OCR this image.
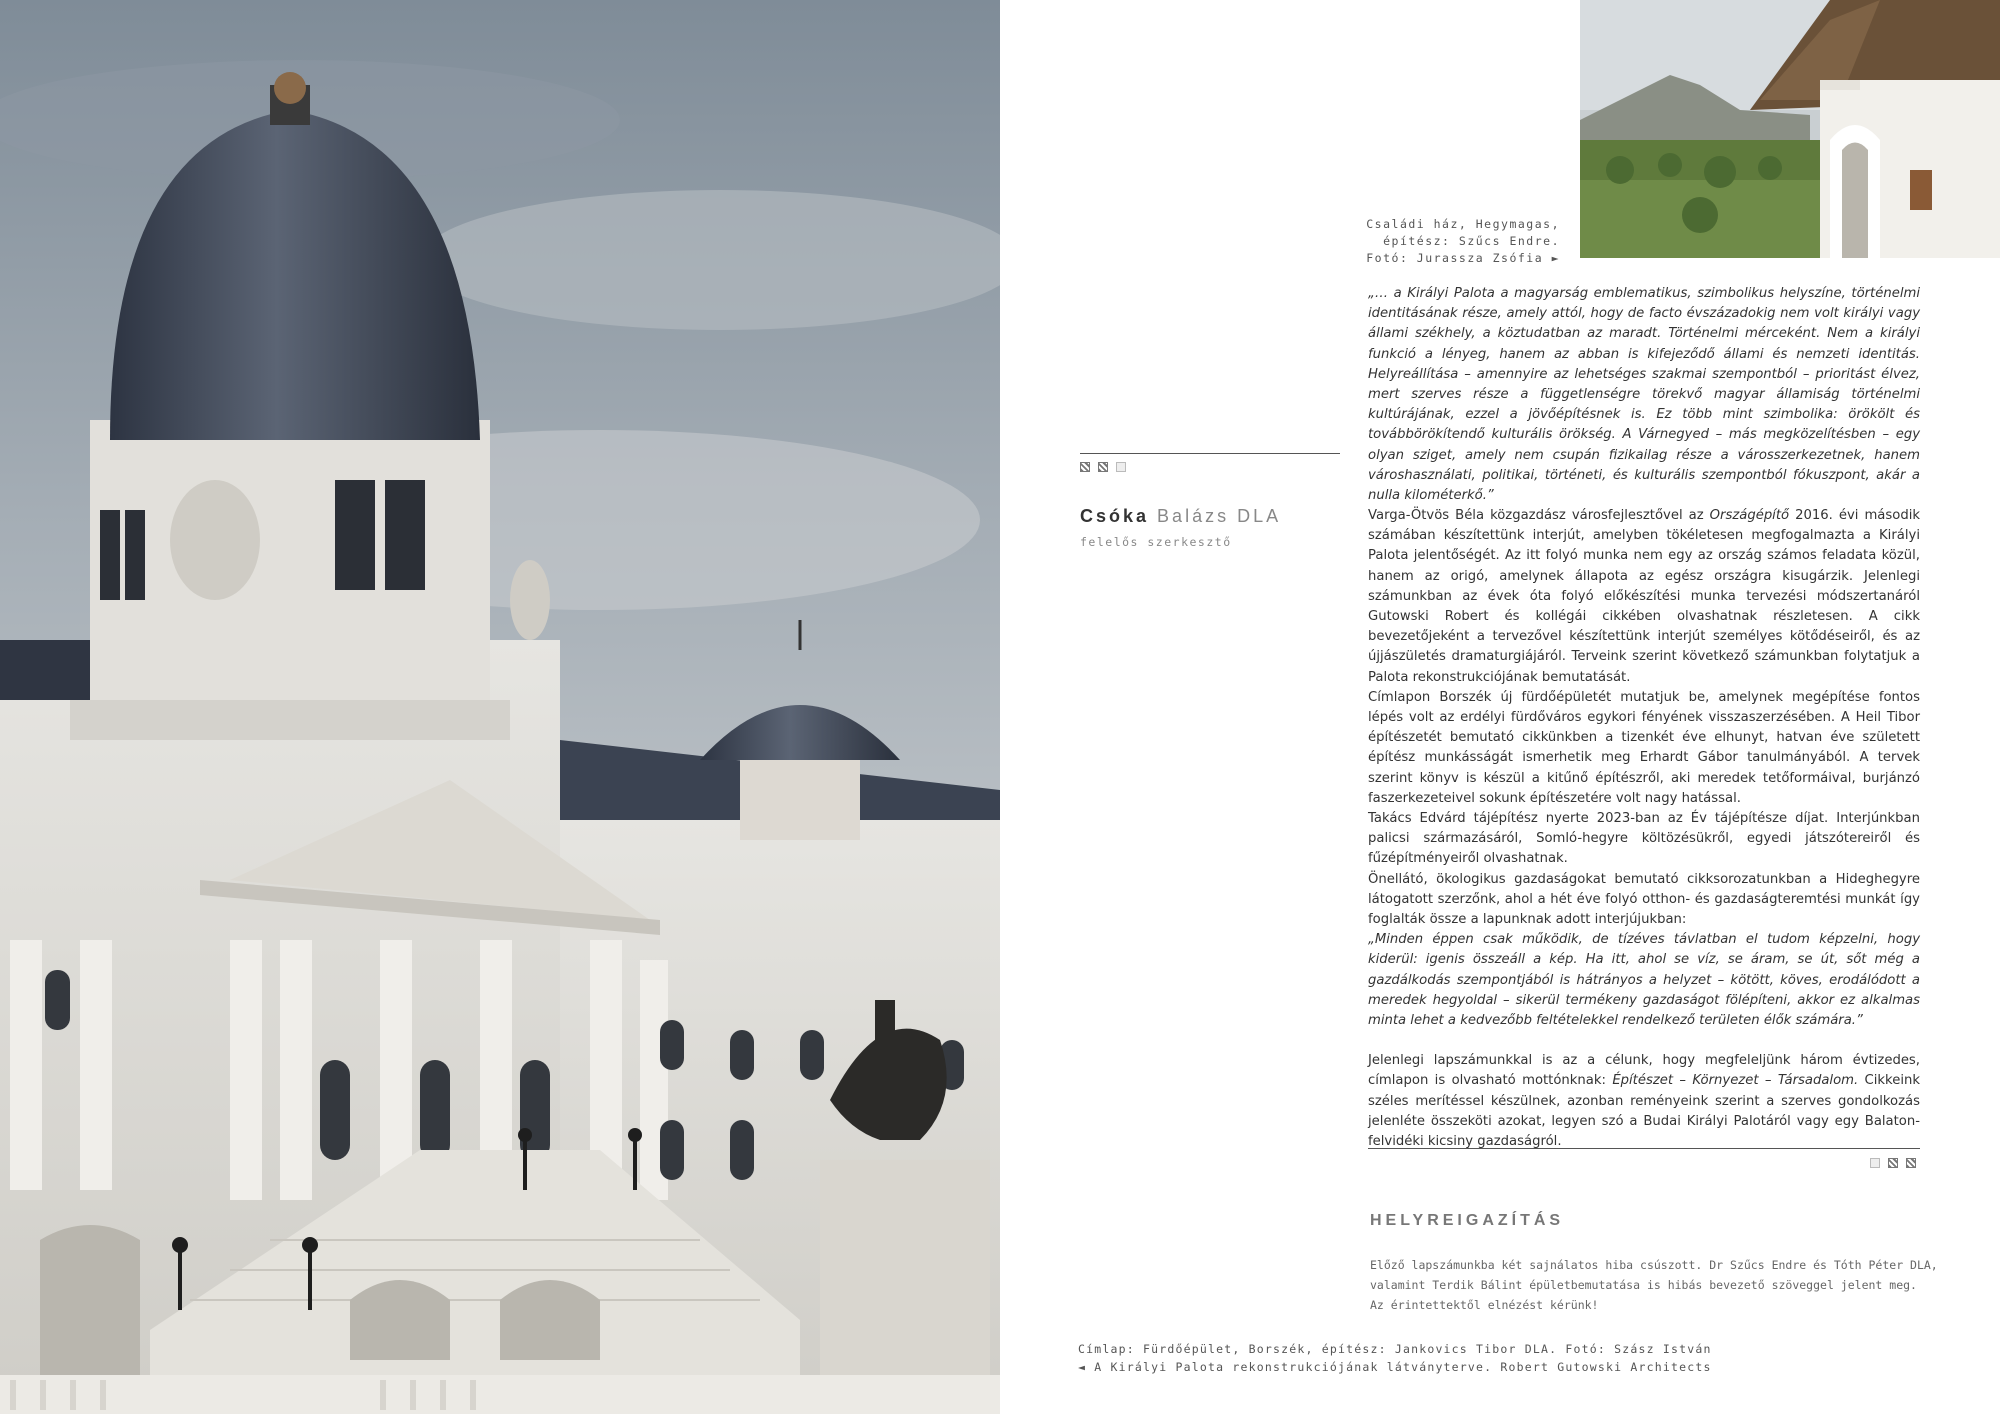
Családi ház, Hegymagas,
építész: Szűcs Endre.
Fotó: Jurassza Zsófia ►
Csóka Balázs DLA
felelős szerkesztő
„… a Királyi Palota a magyarság emblematikus, szimbolikus helyszíne, történelmi identitásának része, amely attól, hogy de facto évszázadokig nem volt királyi vagy állami székhely, a köztudatban az maradt. Történelmi mérceként. Nem a királyi funkció a lényeg, hanem az abban is kifejeződő állami és nemzeti identitás. Helyreállítása – amennyire az lehetséges szakmai szempontból – prioritást élvez, mert szerves része a függetlenségre törekvő magyar államiság történelmi kultúrájának, ezzel a jövőépítésnek is. Ez több mint szimbolika: örökölt és továbbörökítendő kulturális örökség. A Várnegyed – más megközelítésben – egy olyan sziget, amely nem csupán fizikailag része a városszerkezetnek, hanem városhasználati, politikai, történeti, és kulturális szempontból fókuszpont, akár a nulla kilométerkő.”

Varga-Ötvös Béla közgazdász városfejlesztővel az Országépítő 2016. évi második számában készítettünk interjút, amelyben tökéletesen megfogalmazta a Királyi Palota jelentőségét. Az itt folyó munka nem egy az ország számos feladata közül, hanem az origó, amelynek állapota az egész országra kisugárzik. Jelenlegi számunkban az évek óta folyó előkészítési munka tervezési módszertanáról Gutowski Robert és kollégái cikkében olvashatnak részletesen. A cikk bevezetőjeként a tervezővel készítettünk interjút személyes kötődéseiről, és az újjászületés dramaturgiájáról. Terveink szerint következő számunkban folytatjuk a Palota rekonstrukciójának bemutatását.

Címlapon Borszék új fürdőépületét mutatjuk be, amelynek megépítése fontos lépés volt az erdélyi fürdőváros egykori fényének visszaszerzésében. A Heil Tibor építészetét bemutató cikkünkben a tizenkét éve elhunyt, hatvan éve született építész munkásságát ismerhetik meg Erhardt Gábor tanulmányából. A tervek szerint könyv is készül a kitűnő építészről, aki meredek tetőformáival, burjánzó faszerkezeteivel sokunk építészetére volt nagy hatással.

Takács Edvárd tájépítész nyerte 2023-ban az Év tájépítésze díjat. Interjúnkban palicsi származásáról, Somló-hegyre költözésükről, egyedi játszótereiről és fűzépítményeiről olvashatnak.

Önellátó, ökologikus gazdaságokat bemutató cikksorozatunkban a Hideghegyre látogatott szerzőnk, ahol a hét éve folyó otthon- és gazdaságteremtési munkát így foglalták össze a lapunknak adott interjújukban:

„Minden éppen csak működik, de tízéves távlatban el tudom képzelni, hogy kiderül: igenis összeáll a kép. Ha itt, ahol se víz, se áram, se út, sőt még a gazdálkodás szempontjából is hátrányos a helyzet – kötött, köves, erodálódott a meredek hegyoldal – sikerül termékeny gazdaságot fölépíteni, akkor ez alkalmas minta lehet a kedvezőbb feltételekkel rendelkező területen élők számára.”

Jelenlegi lapszámunkkal is az a célunk, hogy megfeleljünk három évtizedes, címlapon is olvasható mottónknak: Építészet – Környezet – Társadalom. Cikkeink széles merítéssel készülnek, azonban reményeink szerint a szerves gondolkozás jelenléte összeköti azokat, legyen szó a Budai Királyi Palotáról vagy egy Balaton-felvidéki kicsiny gazdaságról.

HELYREIGAZÍTÁS
Előző lapszámunkba két sajnálatos hiba csúszott. Dr Szűcs Endre és Tóth Péter DLA,
valamint Terdik Bálint épületbemutatása is hibás bevezető szöveggel jelent meg.
Az érintettektől elnézést kérünk!
Címlap: Fürdőépület, Borszék, építész: Jankovics Tibor DLA. Fotó: Szász István
◄ A Királyi Palota rekonstrukciójának látványterve. Robert Gutowski Architects
